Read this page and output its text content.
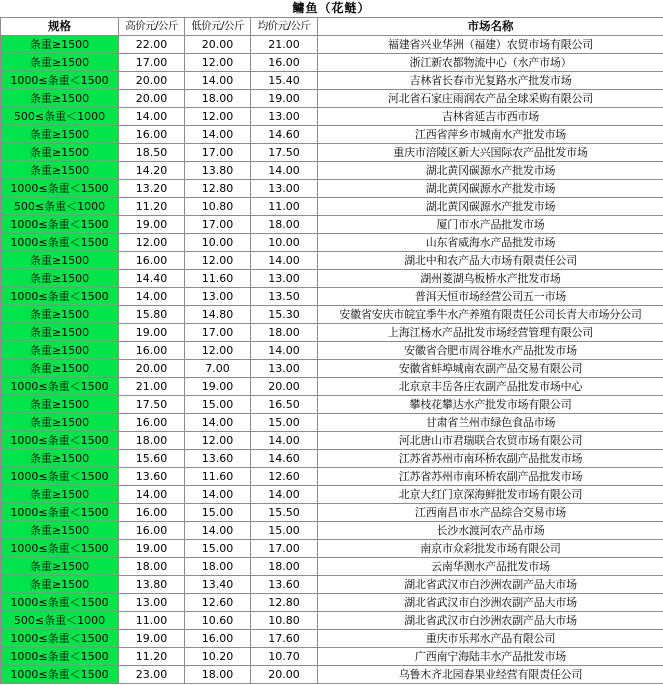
鳙鱼（花鲢）
规格	高价元/公斤	低价元/公斤	均价元/公斤	市场名称
条重≥1500	22.00	20.00	21.00	福建省兴业华洲（福建）农贸市场有限公司
条重≥1500	17.00	12.00	16.00	浙江新农都物流中心（水产市场）
1000≤条重＜1500	20.00	14.00	15.40	吉林省长春市光复路水产批发市场
条重≥1500	20.00	18.00	19.00	河北省石家庄雨润农产品全球采购有限公司
500≤条重＜1000	14.00	12.00	13.00	吉林省延吉市西市场
条重≥1500	16.00	14.00	14.60	江西省萍乡市城南水产批发市场
条重≥1500	18.50	17.00	17.50	重庆市涪陵区新大兴国际农产品批发市场
条重≥1500	14.20	13.80	14.00	湖北黄冈碳源水产批发市场
1000≤条重＜1500	13.20	12.80	13.00	湖北黄冈碳源水产批发市场
500≤条重＜1000	11.20	10.80	11.00	湖北黄冈碳源水产批发市场
1000≤条重＜1500	19.00	17.00	18.00	厦门市水产品批发市场
1000≤条重＜1500	12.00	10.00	10.00	山东省威海水产品批发市场
条重≥1500	16.00	12.00	14.00	湖北中和农产品大市场有限责任公司
条重≥1500	14.40	11.60	13.00	湖州菱湖乌板桥水产批发市场
1000≤条重＜1500	14.00	13.00	13.50	普洱天恒市场经营公司五一市场
条重≥1500	15.80	14.80	15.30	安徽省安庆市皖宜季牛水产养殖有限责任公司长青大市场分公司
条重≥1500	19.00	17.00	18.00	上海江杨水产品批发市场经营管理有限公司
条重≥1500	16.00	12.00	14.00	安徽省合肥市周谷堆水产品批发市场
条重≥1500	20.00	7.00	13.00	安徽省蚌埠城南农副产品交易有限公司
1000≤条重＜1500	21.00	19.00	20.00	北京京丰岳各庄农副产品批发市场中心
条重≥1500	17.50	15.00	16.50	攀枝花攀达水产批发市场有限公司
条重≥1500	16.00	14.00	15.00	甘肃省兰州市绿色食品市场
1000≤条重＜1500	18.00	12.00	14.00	河北唐山市君瑞联合农贸市场有限公司
条重≥1500	15.60	13.60	14.60	江苏省苏州市南环桥农副产品批发市场
1000≤条重＜1500	13.60	11.60	12.60	江苏省苏州市南环桥农副产品批发市场
条重≥1500	14.00	14.00	14.00	北京大红门京深海鲜批发市场有限公司
1000≤条重＜1500	16.00	15.00	15.50	江西南昌市水产品综合交易市场
条重≥1500	16.00	14.00	15.00	长沙水渡河农产品市场
1000≤条重＜1500	19.00	15.00	17.00	南京市众彩批发市场有限公司
条重≥1500	18.00	18.00	18.00	云南华测水产品批发市场
条重≥1500	13.80	13.40	13.60	湖北省武汉市白沙洲农副产品大市场
1000≤条重＜1500	13.00	12.60	12.80	湖北省武汉市白沙洲农副产品大市场
500≤条重＜1000	11.00	10.60	10.80	湖北省武汉市白沙洲农副产品大市场
1000≤条重＜1500	19.00	16.00	17.60	重庆市乐邦水产品有限公司
1000≤条重＜1500	11.20	10.20	10.70	广西南宁海陆丰水产品批发市场
1000≤条重＜1500	23.00	18.00	20.00	乌鲁木齐北园春果业经营有限责任公司
